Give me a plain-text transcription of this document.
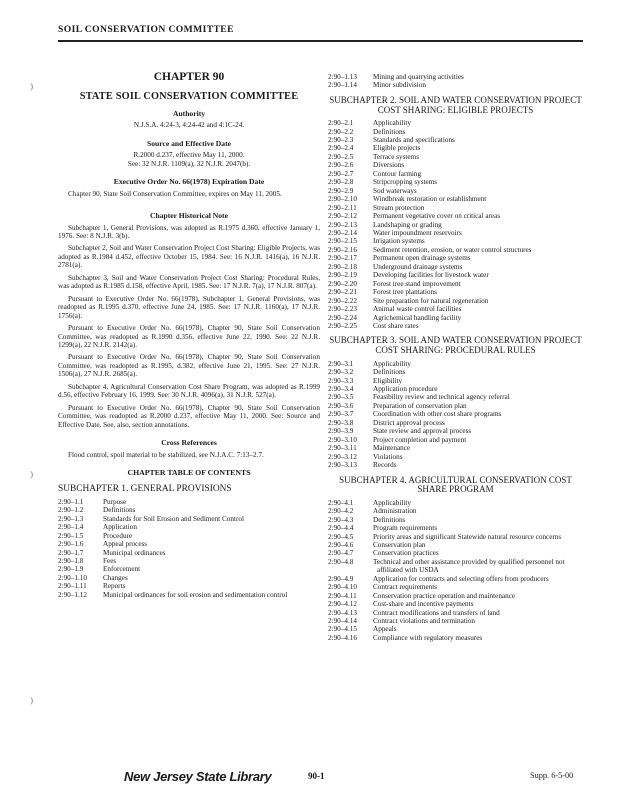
SOIL CONSERVATION COMMITTEE
⁾
⁾
⁾
CHAPTER 90
STATE SOIL CONSERVATION COMMITTEE
Authority
N.J.S.A. 4:24-3, 4:24-42 and 4:1C-24.
Source and Effective Date
R.2000 d.237, effective May 11, 2000.
See: 32 N.J.R. 1109(a), 32 N.J.R. 2047(b).
Executive Order No. 66(1978) Expiration Date

Chapter 90, State Soil Conservation Committee, expires on May 11, 2005.

Chapter Historical Note

Subchapter 1, General Provisions, was adopted as R.1975 d.360, effective January 1, 1976. See: 8 N.J.R. 3(b).

Subchapter 2, Soil and Water Conservation Project Cost Sharing: Eligible Projects, was adopted as R.1984 d.452, effective October 15, 1984. See: 16 N.J.R. 1416(a), 16 N.J.R. 2781(a).

Subchapter 3, Soil and Water Conservation Project Cost Sharing: Procedural Rules, was adopted as R.1985 d.158, effective April, 1985. See: 17 N.J.R. 7(a), 17 N.J.R. 807(a).

Pursuant to Executive Order No. 66(1978), Subchapter 1, General Provisions, was readopted as R.1995 d.370, effective June 24, 1985. See: 17 N.J.R. 1160(a), 17 N.J.R. 1756(a).

Pursuant to Executive Order No. 66(1978), Chapter 90, State Soil Conservation Committee, was readopted as R.1990 d.356, effective June 22, 1990. See: 22 N.J.R. 1299(a), 22 N.J.R. 2142(a).

Pursuant to Executive Order No. 66(1978), Chapter 90, State Soil Conservation Committee, was readopted as R.1995, d.382, effective June 21, 1995. See: 27 N.J.R. 1506(a), 27 N.J.R. 2685(a).

Subchapter 4, Agricultural Conservation Cost Share Program, was adopted as R.1999 d.56, effective February 16, 1999. See: 30 N.J.R. 4096(a), 31 N.J.R. 527(a).

Pursuant to Executive Order No. 66(1978), Chapter 90, State Soil Conservation Committee, was readopted as R.2000 d.237, effective May 11, 2000. See: Source and Effective Date. See, also, section annotations.

Cross References

Flood control, spoil material to be stabilized, see N.J.A.C. 7:13–2.7.

CHAPTER TABLE OF CONTENTS
SUBCHAPTER 1. GENERAL PROVISIONS
2:90–1.1	Purpose
2:90–1.2	Definitions
2:90–1.3	Standards for Soil Erosion and Sediment Control
2:90–1.4	Application
2:90–1.5	Procedure
2:90–1.6	Appeal process
2:90–1.7	Municipal ordinances
2:90–1.8	Fees
2:90–1.9	Enforcement
2:90–1.10	Changes
2:90–1.11	Reports
2:90–1.12	Municipal ordinances for soil erosion and sedimentation control
2:90–1.13	Mining and quarrying activities
2:90–1.14	Minor subdivision
SUBCHAPTER 2. SOIL AND WATER CONSERVATION PROJECT COST SHARING: ELIGIBLE PROJECTS
2:90–2.1	Applicability
2:90–2.2	Definitions
2:90–2.3	Standards and specifications
2:90–2.4	Eligible projects
2:90–2.5	Terrace systems
2:90–2.6	Diversions
2:90–2.7	Contour farming
2:90–2.8	Stripcropping systems
2:90–2.9	Sod waterways
2:90–2.10	Windbreak restoration or establishment
2:90–2.11	Stream protection
2:90–2.12	Permanent vegetative cover on critical areas
2:90–2.13	Landshaping or grading
2:90–2.14	Water impoundment reservoirs
2:90–2.15	Irrigation systems
2:90–2.16	Sediment retention, erosion, or water control structures
2:90–2.17	Permanent open drainage systems
2:90–2.18	Underground drainage systems
2:90–2.19	Developing facilities for livestock water
2:90–2.20	Forest tree stand improvement
2:90–2.21	Forest tree plantations
2:90–2.22	Site preparation for natural regeneration
2:90–2.23	Animal waste control facilities
2:90–2.24	Agrichemical handling facility
2:90–2.25	Cost share rates
SUBCHAPTER 3. SOIL AND WATER CONSERVATION PROJECT COST SHARING: PROCEDURAL RULES
2:90–3.1	Applicability
2:90–3.2	Definitions
2:90–3.3	Eligibility
2:90–3.4	Application procedure
2:90–3.5	Feasibility review and technical agency referral
2:90–3.6	Preparation of conservation plan
2:90–3.7	Coordination with other cost share programs
2:90–3.8	District approval process
2:90–3.9	State review and approval process
2:90–3.10	Project completion and payment
2:90–3.11	Maintenance
2:90–3.12	Violations
2:90–3.13	Records
SUBCHAPTER 4. AGRICULTURAL CONSERVATION COST SHARE PROGRAM
2:90–4.1	Applicability
2:90–4.2	Administration
2:90–4.3	Definitions
2:90–4.4	Program requirements
2:90–4.5	Priority areas and significant Statewide natural resource concerns
2:90–4.6	Conservation plan
2:90–4.7	Conservation practices
2:90–4.8	Technical and other assistance provided by qualified personnel not affiliated with USDA
2:90–4.9	Application for contracts and selecting offers from producers
2:90–4.10	Contract requirements
2:90–4.11	Conservation practice operation and maintenance
2:90–4.12	Cost-share and incentive payments
2:90–4.13	Contract modifications and transfers of land
2:90–4.14	Contract violations and termination
2:90–4.15	Appeals
2:90–4.16	Compliance with regulatory measures
New Jersey State Library	90-1	Supp. 6-5-00
